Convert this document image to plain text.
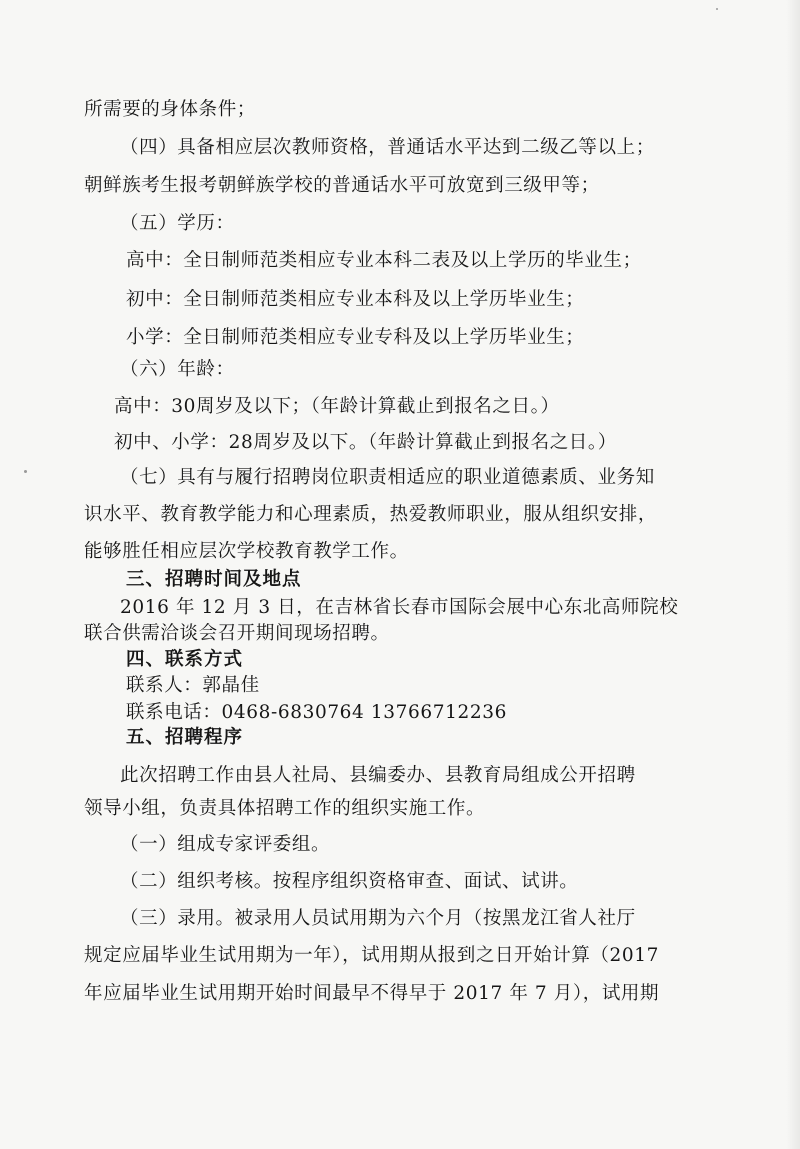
所需要的身体条件；
（四）具备相应层次教师资格，普通话水平达到二级乙等以上；
朝鲜族考生报考朝鲜族学校的普通话水平可放宽到三级甲等；
（五）学历：
高中：全日制师范类相应专业本科二表及以上学历的毕业生；
初中：全日制师范类相应专业本科及以上学历毕业生；
小学：全日制师范类相应专业专科及以上学历毕业生；
（六）年龄：
高中：30周岁及以下；（年龄计算截止到报名之日。）
初中、小学：28周岁及以下。（年龄计算截止到报名之日。）
（七）具有与履行招聘岗位职责相适应的职业道德素质、业务知
识水平、教育教学能力和心理素质，热爱教师职业，服从组织安排，
能够胜任相应层次学校教育教学工作。
三、招聘时间及地点
2016 年 12 月 3 日，在吉林省长春市国际会展中心东北高师院校
联合供需洽谈会召开期间现场招聘。
四、联系方式
联系人：郭晶佳
联系电话：0468-6830764 13766712236
五、招聘程序
此次招聘工作由县人社局、县编委办、县教育局组成公开招聘
领导小组，负责具体招聘工作的组织实施工作。
（一）组成专家评委组。
（二）组织考核。按程序组织资格审查、面试、试讲。
（三）录用。被录用人员试用期为六个月（按黑龙江省人社厅
规定应届毕业生试用期为一年），试用期从报到之日开始计算（2017
年应届毕业生试用期开始时间最早不得早于 2017 年 7 月），试用期
